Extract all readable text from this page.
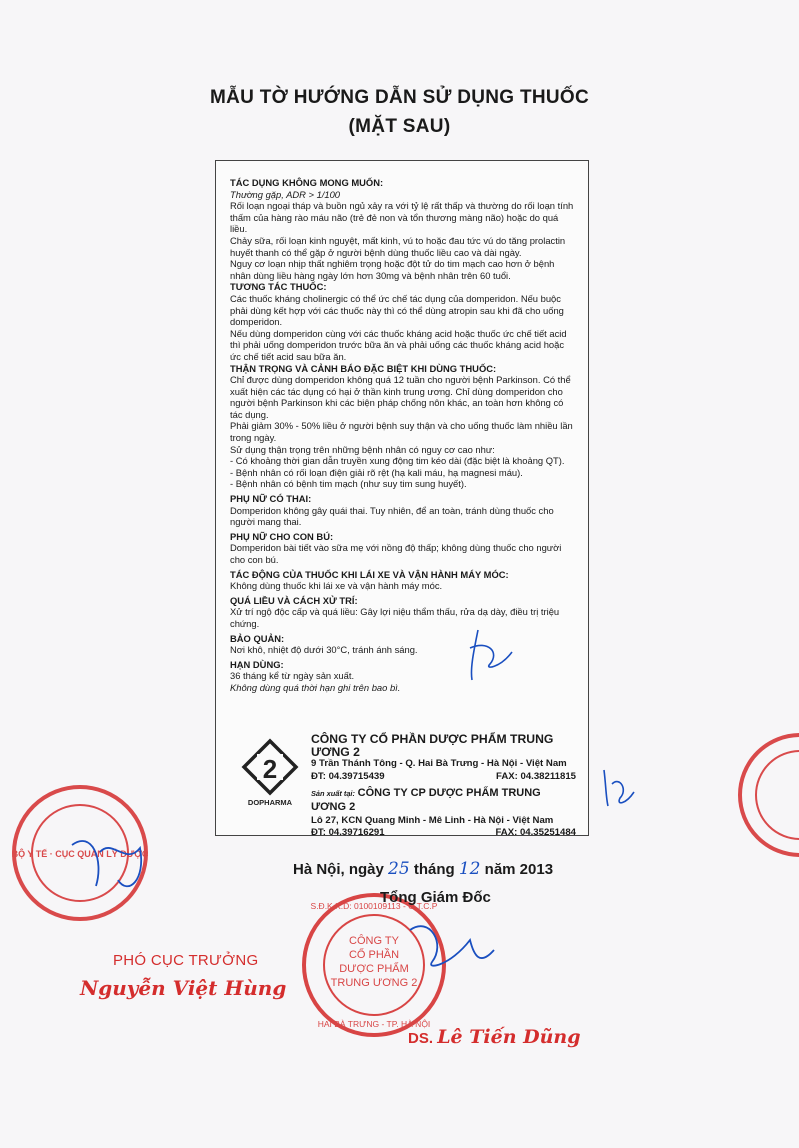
MẪU TỜ HƯỚNG DẪN SỬ DỤNG THUỐC
(MẶT SAU)
TÁC DỤNG KHÔNG MONG MUỐN:
Thường gặp, ADR > 1/100
Rối loạn ngoại tháp và buồn ngủ xảy ra với tỷ lệ rất thấp và thường do rối loạn tính thấm của hàng rào máu não (trẻ đẻ non và tổn thương màng não) hoặc do quá liều.
Chảy sữa, rối loạn kinh nguyệt, mất kinh, vú to hoặc đau tức vú do tăng prolactin huyết thanh có thể gặp ở người bệnh dùng thuốc liều cao và dài ngày.
Nguy cơ loạn nhịp thất nghiêm trọng hoặc đột tử do tim mạch cao hơn ở bệnh nhân dùng liều hàng ngày lớn hơn 30mg và bệnh nhân trên 60 tuổi.
TƯƠNG TÁC THUỐC:
Các thuốc kháng cholinergic có thể ức chế tác dụng của domperidon. Nếu buộc phải dùng kết hợp với các thuốc này thì có thể dùng atropin sau khi đã cho uống domperidon.
Nếu dùng domperidon cùng với các thuốc kháng acid hoặc thuốc ức chế tiết acid thì phải uống domperidon trước bữa ăn và phải uống các thuốc kháng acid hoặc ức chế tiết acid sau bữa ăn.
THẬN TRỌNG VÀ CẢNH BÁO ĐẶC BIỆT KHI DÙNG THUỐC:
Chỉ được dùng domperidon không quá 12 tuần cho người bệnh Parkinson. Có thể xuất hiện các tác dụng có hại ở thần kinh trung ương. Chỉ dùng domperidon cho người bệnh Parkinson khi các biện pháp chống nôn khác, an toàn hơn không có tác dụng.
Phải giảm 30% - 50% liều ở người bệnh suy thận và cho uống thuốc làm nhiều lần trong ngày.
Sử dụng thận trọng trên những bệnh nhân có nguy cơ cao như:
- Có khoảng thời gian dẫn truyền xung động tim kéo dài (đặc biệt là khoảng QT).
- Bệnh nhân có rối loạn điện giải rõ rệt (hạ kali máu, hạ magnesi máu).
- Bệnh nhân có bệnh tim mạch (như suy tim sung huyết).
PHỤ NỮ CÓ THAI:
Domperidon không gây quái thai. Tuy nhiên, để an toàn, tránh dùng thuốc cho người mang thai.
PHỤ NỮ CHO CON BÚ:
Domperidon bài tiết vào sữa mẹ với nồng độ thấp; không dùng thuốc cho người cho con bú.
TÁC ĐỘNG CỦA THUỐC KHI LÁI XE VÀ VẬN HÀNH MÁY MÓC:
Không dùng thuốc khi lái xe và vận hành máy móc.
QUÁ LIỀU VÀ CÁCH XỬ TRÍ:
Xử trí ngộ độc cấp và quá liều: Gây lợi niệu thẩm thấu, rửa dạ dày, điều trị triệu chứng.
BẢO QUẢN:
Nơi khô, nhiệt độ dưới 30°C, tránh ánh sáng.
HẠN DÙNG:
36 tháng kể từ ngày sản xuất.
Không dùng quá thời hạn ghi trên bao bì.
2
DOPHARMA
CÔNG TY CỔ PHẦN DƯỢC PHẨM TRUNG ƯƠNG 2
9 Trần Thánh Tông - Q. Hai Bà Trưng - Hà Nội - Việt Nam
ĐT: 04.39715439	FAX: 04.38211815
Sản xuất tại: CÔNG TY CP DƯỢC PHẨM TRUNG ƯƠNG 2
Lô 27, KCN Quang Minh - Mê Linh - Hà Nội - Việt Nam
ĐT: 04.39716291	FAX: 04.35251484
BỘ Y TẾ · CỤC QUẢN LÝ DƯỢC
CÔNG TY
CỔ PHẦN
DƯỢC PHẨM
TRUNG ƯƠNG 2
S.Đ.K.K.D: 0100109113 - C.T.C.P
HAI BÀ TRƯNG - TP. HÀ NỘI
Hà Nội, ngày 25 tháng 12 năm 2013
Tổng Giám Đốc
PHÓ CỤC TRƯỞNG
Nguyễn Việt Hùng
DS. Lê Tiến Dũng
